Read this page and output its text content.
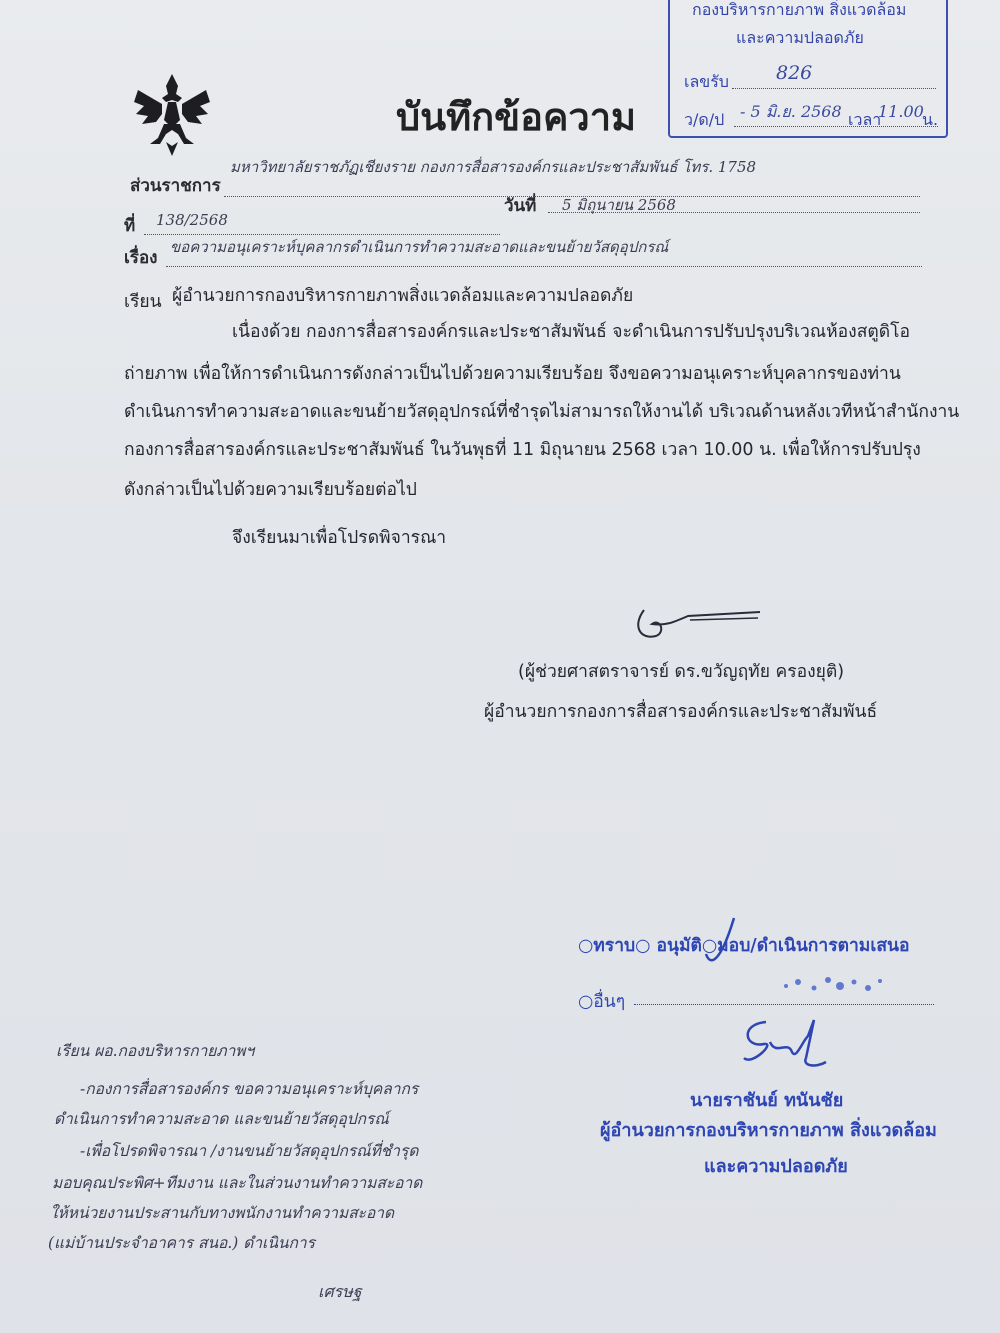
กองบริหารกายภาพ สิ่งแวดล้อม
และความปลอดภัย
เลขรับ 826
ว/ด/ป - 5 มิ.ย. 2568 เวลา
11.00
น.
บันทึกข้อความ
ส่วนราชการ
มหาวิทยาลัยราชภัฏเชียงราย กองการสื่อสารองค์กรและประชาสัมพันธ์ โทร. 1758
ที่ 138/2568
วันที่ 5 มิถุนายน 2568
เรื่อง
ขอความอนุเคราะห์บุคลากรดำเนินการทำความสะอาดและขนย้ายวัสดุอุปกรณ์
เรียน ผู้อำนวยการกองบริหารกายภาพสิ่งแวดล้อมและความปลอดภัย
เนื่องด้วย กองการสื่อสารองค์กรและประชาสัมพันธ์ จะดำเนินการปรับปรุงบริเวณห้องสตูดิโอ
ถ่ายภาพ เพื่อให้การดำเนินการดังกล่าวเป็นไปด้วยความเรียบร้อย จึงขอความอนุเคราะห์บุคลากรของท่าน
ดำเนินการทำความสะอาดและขนย้ายวัสดุอุปกรณ์ที่ชำรุดไม่สามารถให้งานได้ บริเวณด้านหลังเวทีหน้าสำนักงาน
กองการสื่อสารองค์กรและประชาสัมพันธ์ ในวันพุธที่ 11 มิถุนายน 2568 เวลา 10.00 น. เพื่อให้การปรับปรุง
ดังกล่าวเป็นไปด้วยความเรียบร้อยต่อไป
จึงเรียนมาเพื่อโปรดพิจารณา
(ผู้ช่วยศาสตราจารย์ ดร.ขวัญฤทัย ครองยุติ)
ผู้อำนวยการกองการสื่อสารองค์กรและประชาสัมพันธ์
○ทราบ○ อนุมัติ○มอบ/ดำเนินการตามเสนอ
○อื่นๆ
นายราชันย์ ทนันชัย
ผู้อำนวยการกองบริหารกายภาพ สิ่งแวดล้อม
และความปลอดภัย
เรียน ผอ.กองบริหารกายภาพฯ
-กองการสื่อสารองค์กร ขอความอนุเคราะห์บุคลากร
ดำเนินการทำความสะอาด และขนย้ายวัสดุอุปกรณ์
-เพื่อโปรดพิจารณา /งานขนย้ายวัสดุอุปกรณ์ที่ชำรุด
มอบคุณประพิศ+ทีมงาน และในส่วนงานทำความสะอาด
ให้หน่วยงานประสานกับทางพนักงานทำความสะอาด
(แม่บ้านประจำอาคาร สนอ.) ดำเนินการ
เศรษฐ
